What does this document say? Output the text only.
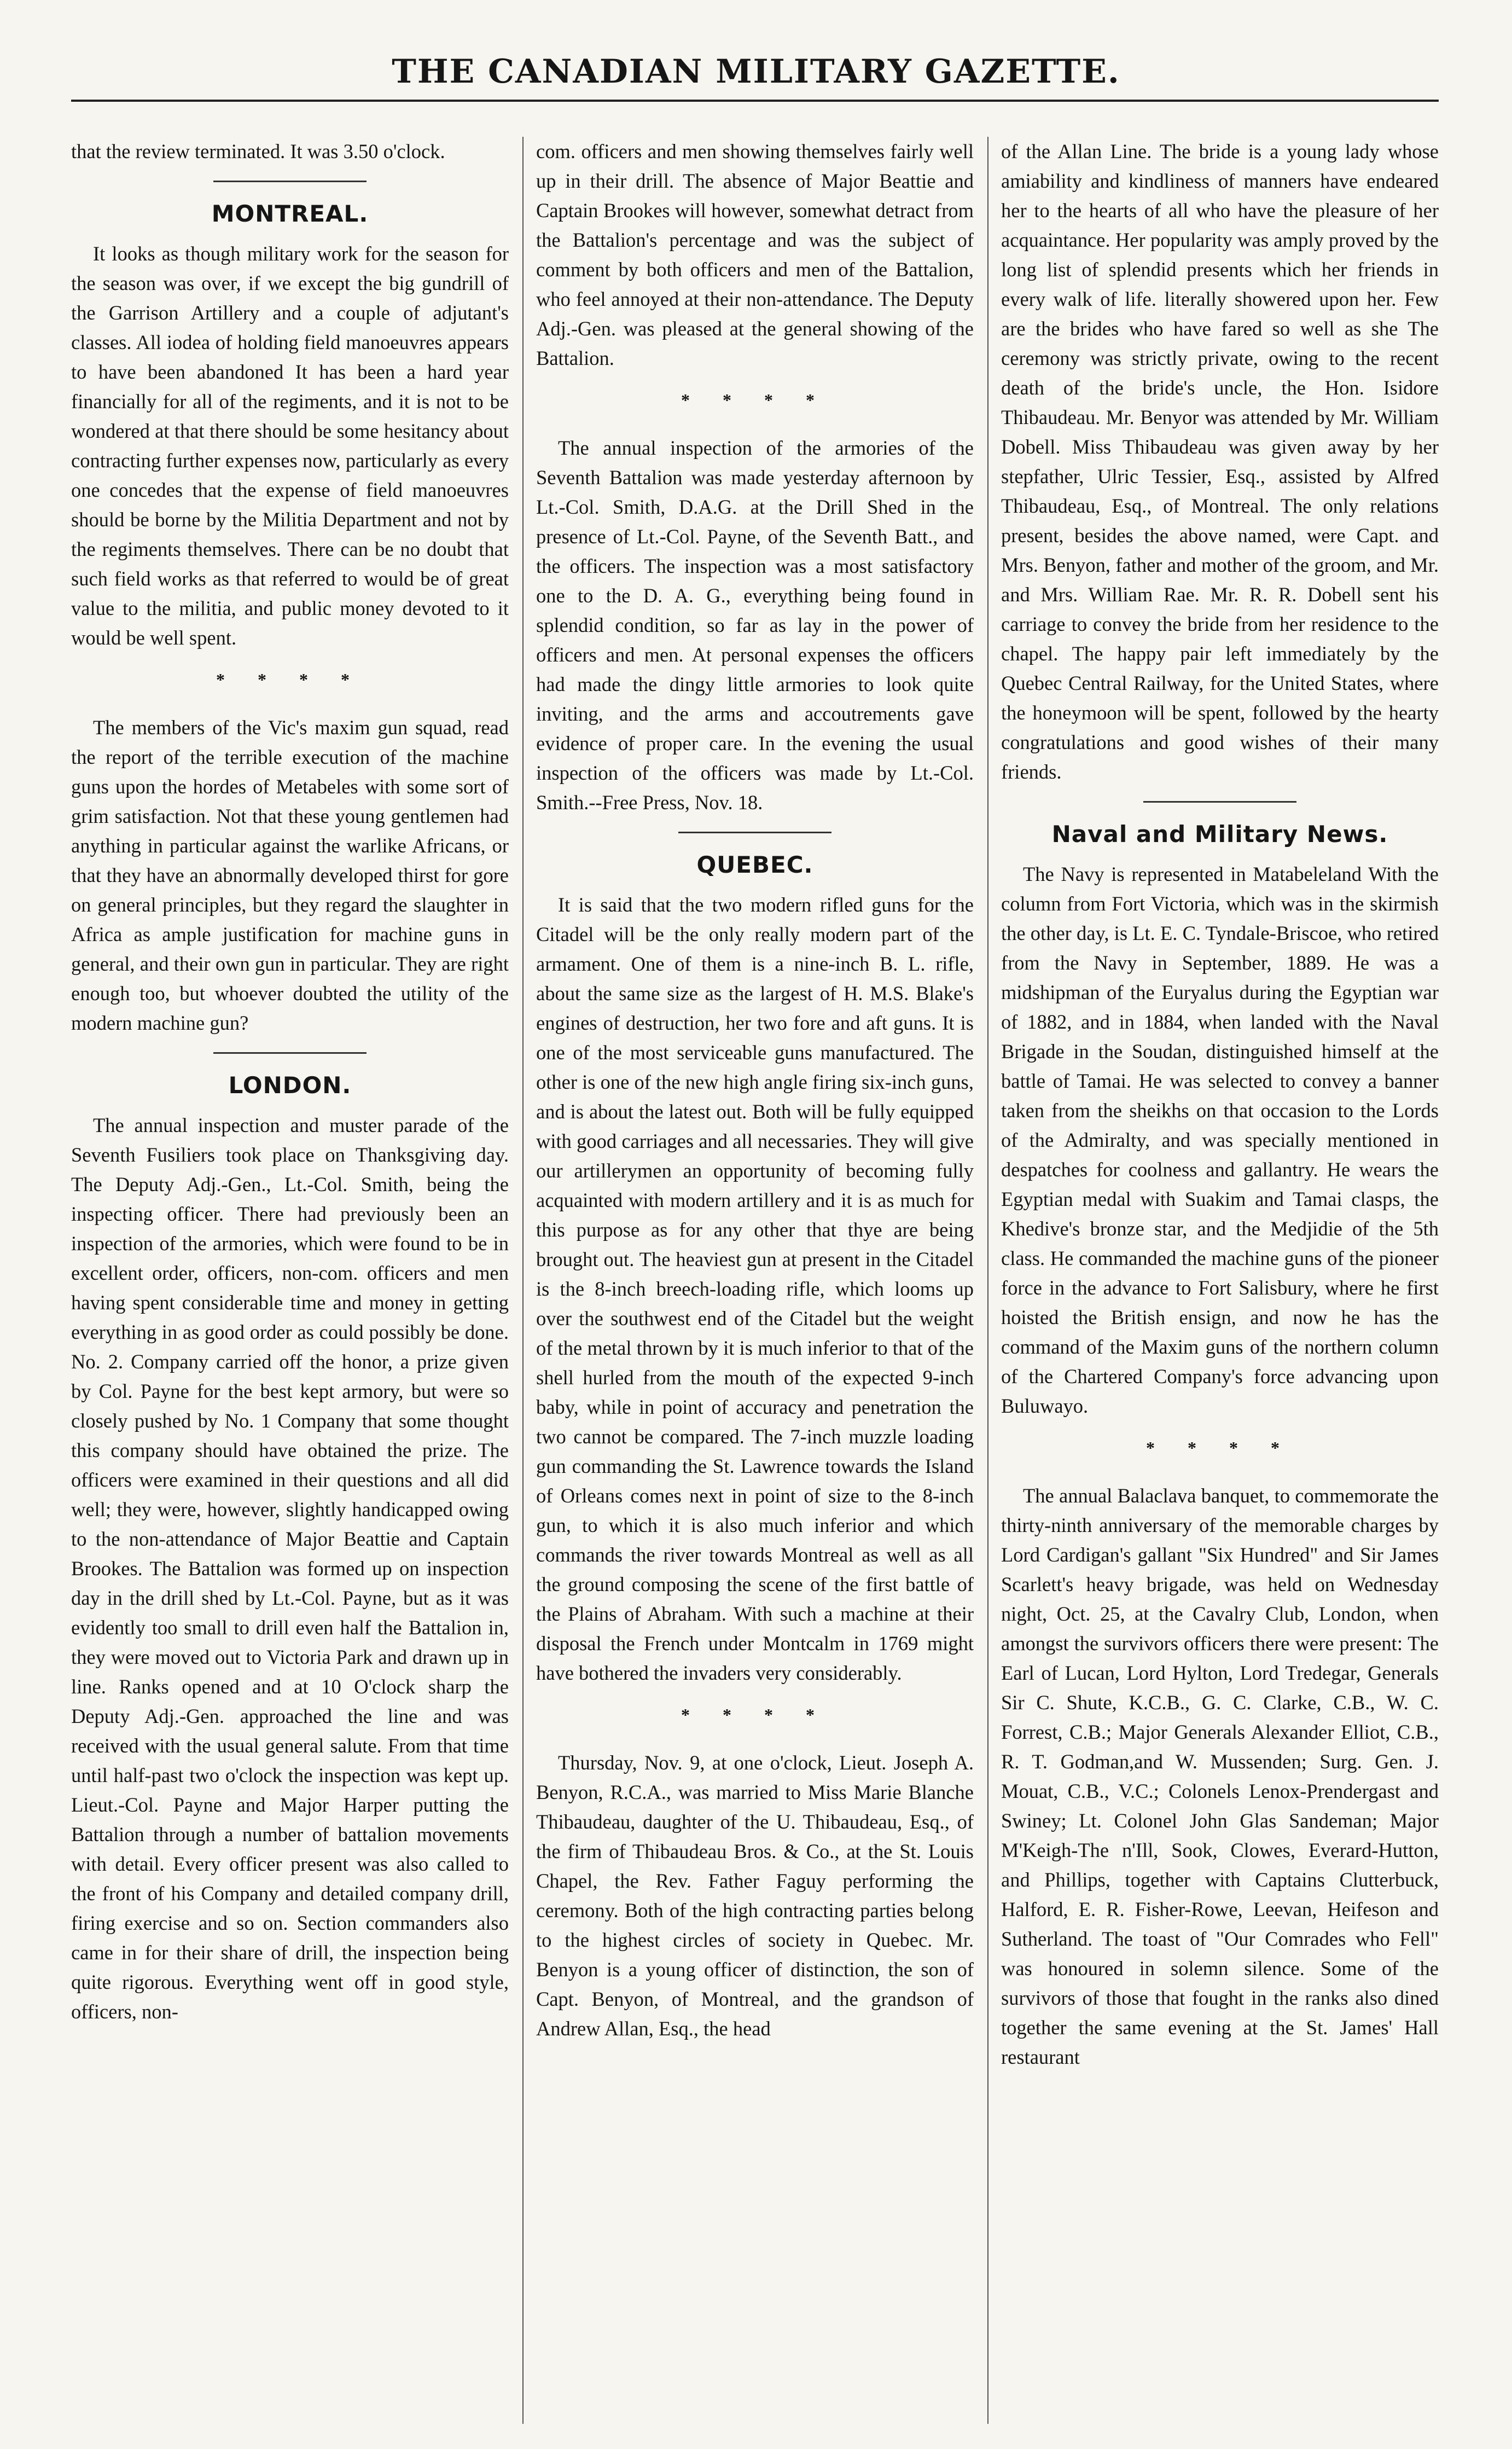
THE CANADIAN MILITARY GAZETTE.

that the review terminated. It was 3.50 o'clock.

MONTREAL.

It looks as though military work for the season for the season was over, if we except the big gundrill of the Garrison Artillery and a couple of adjutant's classes. All iodea of holding field manoeuvres appears to have been abandoned It has been a hard year financially for all of the regiments, and it is not to be wondered at that there should be some hesitancy about contracting further expenses now, particularly as every one concedes that the expense of field manoeuvres should be borne by the Militia Department and not by the regiments themselves. There can be no doubt that such field works as that referred to would be of great value to the militia, and public money devoted to it would be well spent.

* * * *

The members of the Vic's maxim gun squad, read the report of the terrible execution of the machine guns upon the hordes of Metabeles with some sort of grim satisfaction. Not that these young gentlemen had anything in particular against the warlike Africans, or that they have an abnormally developed thirst for gore on general principles, but they regard the slaughter in Africa as ample justification for machine guns in general, and their own gun in particular. They are right enough too, but whoever doubted the utility of the modern machine gun?

LONDON.

The annual inspection and muster parade of the Seventh Fusiliers took place on Thanksgiving day. The Deputy Adj.-Gen., Lt.-Col. Smith, being the inspecting officer. There had previously been an inspection of the armories, which were found to be in excellent order, officers, non-com. officers and men having spent considerable time and money in getting everything in as good order as could possibly be done. No. 2. Company carried off the honor, a prize given by Col. Payne for the best kept armory, but were so closely pushed by No. 1 Company that some thought this company should have obtained the prize. The officers were examined in their questions and all did well; they were, however, slightly handicapped owing to the non-attendance of Major Beattie and Captain Brookes. The Battalion was formed up on inspection day in the drill shed by Lt.-Col. Payne, but as it was evidently too small to drill even half the Battalion in, they were moved out to Victoria Park and drawn up in line. Ranks opened and at 10 O'clock sharp the Deputy Adj.-Gen. approached the line and was received with the usual general salute. From that time until half-past two o'clock the inspection was kept up. Lieut.-Col. Payne and Major Harper putting the Battalion through a number of battalion movements with detail. Every officer present was also called to the front of his Company and detailed company drill, firing exercise and so on. Section commanders also came in for their share of drill, the inspection being quite rigorous. Everything went off in good style, officers, non-

com. officers and men showing themselves fairly well up in their drill. The absence of Major Beattie and Captain Brookes will however, somewhat detract from the Battalion's percentage and was the subject of comment by both officers and men of the Battalion, who feel annoyed at their non-attendance. The Deputy Adj.-Gen. was pleased at the general showing of the Battalion.

* * * *

The annual inspection of the armories of the Seventh Battalion was made yesterday afternoon by Lt.-Col. Smith, D.A.G. at the Drill Shed in the presence of Lt.-Col. Payne, of the Seventh Batt., and the officers. The inspection was a most satisfactory one to the D. A. G., everything being found in splendid condition, so far as lay in the power of officers and men. At personal expenses the officers had made the dingy little armories to look quite inviting, and the arms and accoutrements gave evidence of proper care. In the evening the usual inspection of the officers was made by Lt.-Col. Smith.--Free Press, Nov. 18.

QUEBEC.

It is said that the two modern rifled guns for the Citadel will be the only really modern part of the armament. One of them is a nine-inch B. L. rifle, about the same size as the largest of H. M.S. Blake's engines of destruction, her two fore and aft guns. It is one of the most serviceable guns manufactured. The other is one of the new high angle firing six-inch guns, and is about the latest out. Both will be fully equipped with good carriages and all necessaries. They will give our artillerymen an opportunity of becoming fully acquainted with modern artillery and it is as much for this purpose as for any other that thye are being brought out. The heaviest gun at present in the Citadel is the 8-inch breech-loading rifle, which looms up over the southwest end of the Citadel but the weight of the metal thrown by it is much inferior to that of the shell hurled from the mouth of the expected 9-inch baby, while in point of accuracy and penetration the two cannot be compared. The 7-inch muzzle loading gun commanding the St. Lawrence towards the Island of Orleans comes next in point of size to the 8-inch gun, to which it is also much inferior and which commands the river towards Montreal as well as all the ground composing the scene of the first battle of the Plains of Abraham. With such a machine at their disposal the French under Montcalm in 1769 might have bothered the invaders very considerably.

* * * *

Thursday, Nov. 9, at one o'clock, Lieut. Joseph A. Benyon, R.C.A., was married to Miss Marie Blanche Thibaudeau, daughter of the U. Thibaudeau, Esq., of the firm of Thibaudeau Bros. & Co., at the St. Louis Chapel, the Rev. Father Faguy performing the ceremony. Both of the high contracting parties belong to the highest circles of society in Quebec. Mr. Benyon is a young officer of distinction, the son of Capt. Benyon, of Montreal, and the grandson of Andrew Allan, Esq., the head

of the Allan Line. The bride is a young lady whose amiability and kindliness of manners have endeared her to the hearts of all who have the pleasure of her acquaintance. Her popularity was amply proved by the long list of splendid presents which her friends in every walk of life. literally showered upon her. Few are the brides who have fared so well as she The ceremony was strictly private, owing to the recent death of the bride's uncle, the Hon. Isidore Thibaudeau. Mr. Benyor was attended by Mr. William Dobell. Miss Thibaudeau was given away by her stepfather, Ulric Tessier, Esq., assisted by Alfred Thibaudeau, Esq., of Montreal. The only relations present, besides the above named, were Capt. and Mrs. Benyon, father and mother of the groom, and Mr. and Mrs. William Rae. Mr. R. R. Dobell sent his carriage to convey the bride from her residence to the chapel. The happy pair left immediately by the Quebec Central Railway, for the United States, where the honeymoon will be spent, followed by the hearty congratulations and good wishes of their many friends.

Naval and Military News.

The Navy is represented in Matabeleland With the column from Fort Victoria, which was in the skirmish the other day, is Lt. E. C. Tyndale-Briscoe, who retired from the Navy in September, 1889. He was a midshipman of the Euryalus during the Egyptian war of 1882, and in 1884, when landed with the Naval Brigade in the Soudan, distinguished himself at the battle of Tamai. He was selected to convey a banner taken from the sheikhs on that occasion to the Lords of the Admiralty, and was specially mentioned in despatches for coolness and gallantry. He wears the Egyptian medal with Suakim and Tamai clasps, the Khedive's bronze star, and the Medjidie of the 5th class. He commanded the machine guns of the pioneer force in the advance to Fort Salisbury, where he first hoisted the British ensign, and now he has the command of the Maxim guns of the northern column of the Chartered Company's force advancing upon Buluwayo.

* * * *

The annual Balaclava banquet, to commemorate the thirty-ninth anniversary of the memorable charges by Lord Cardigan's gallant "Six Hundred" and Sir James Scarlett's heavy brigade, was held on Wednesday night, Oct. 25, at the Cavalry Club, London, when amongst the survivors officers there were present: The Earl of Lucan, Lord Hylton, Lord Tredegar, Generals Sir C. Shute, K.C.B., G. C. Clarke, C.B., W. C. Forrest, C.B.; Major Generals Alexander Elliot, C.B., R. T. Godman,and W. Mussenden; Surg. Gen. J. Mouat, C.B., V.C.; Colonels Lenox-Prendergast and Swiney; Lt. Colonel John Glas Sandeman; Major M'Keigh-The n'Ill, Sook, Clowes, Everard-Hutton, and Phillips, together with Captains Clutterbuck, Halford, E. R. Fisher-Rowe, Leevan, Heifeson and Sutherland. The toast of "Our Comrades who Fell" was honoured in solemn silence. Some of the survivors of those that fought in the ranks also dined together the same evening at the St. James' Hall restaurant
